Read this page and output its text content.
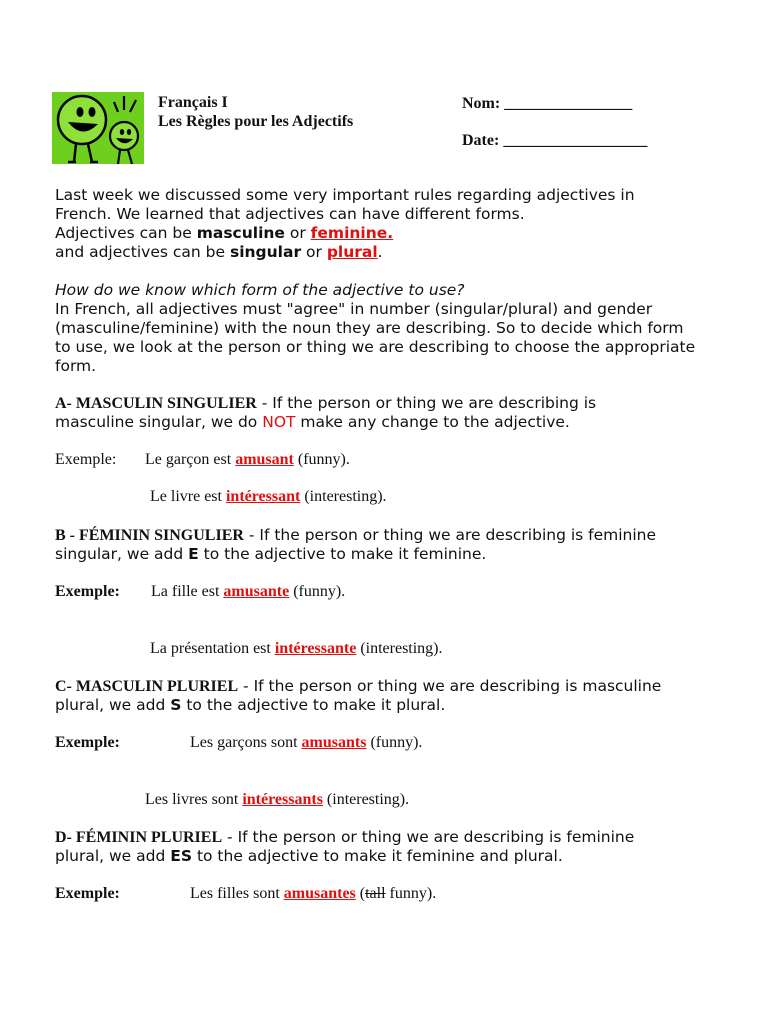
Français I
Les Règles pour les Adjectifs
Nom: ________________
Date: __________________
Last week we discussed some very important rules regarding adjectives in
French. We learned that adjectives can have different forms.
Adjectives can be masculine or feminine.
and adjectives can be singular or plural.
How do we know which form of the adjective to use?
In French, all adjectives must "agree" in number (singular/plural) and gender
(masculine/feminine) with the noun they are describing. So to decide which form
to use, we look at the person or thing we are describing to choose the appropriate
form.
A- MASCULIN SINGULIER - If the person or thing we are describing is
masculine singular, we do NOT make any change to the adjective.
Exemple: Le garçon est amusant (funny).
Le livre est intéressant (interesting).
B - FÉMININ SINGULIER - If the person or thing we are describing is feminine
singular, we add E to the adjective to make it feminine.
Exemple: La fille est amusante (funny).
La présentation est intéressante (interesting).
C- MASCULIN PLURIEL - If the person or thing we are describing is masculine
plural, we add S to the adjective to make it plural.
Exemple:	Les garçons sont amusants (funny).
Les livres sont intéressants (interesting).
D- FÉMININ PLURIEL - If the person or thing we are describing is feminine
plural, we add ES to the adjective to make it feminine and plural.
Exemple:	Les filles sont amusantes (tall funny).
